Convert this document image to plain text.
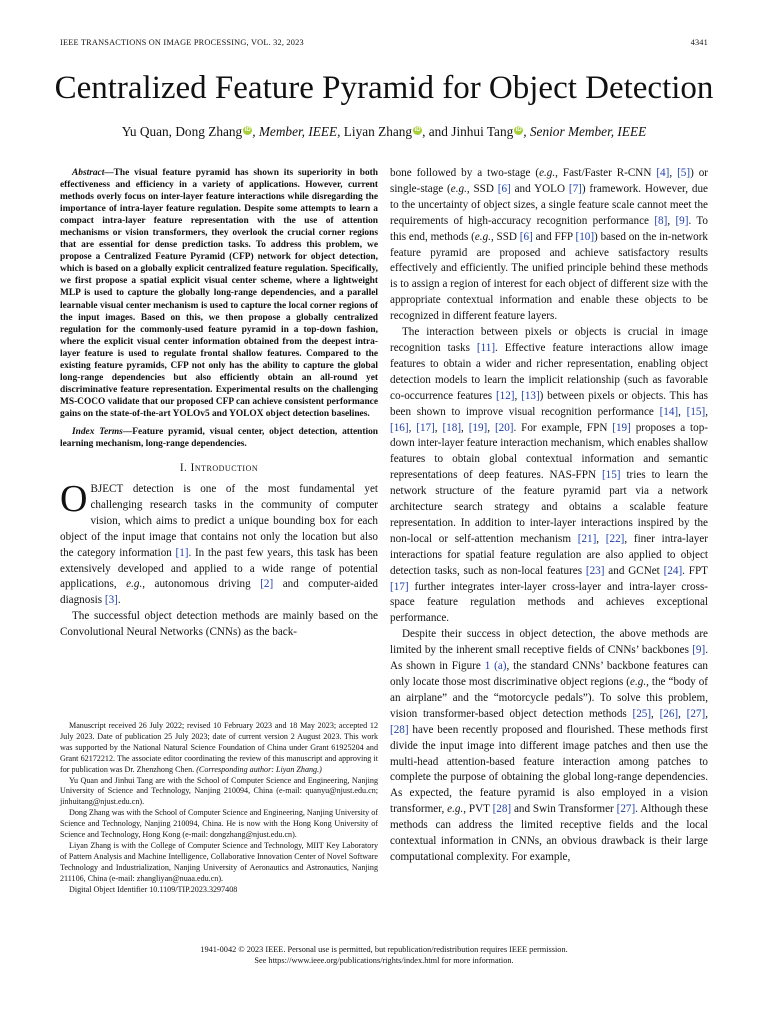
IEEE TRANSACTIONS ON IMAGE PROCESSING, VOL. 32, 2023	4341
Centralized Feature Pyramid for Object Detection
Yu Quan, Dong Zhang iD , Member, IEEE, Liyan Zhang iD , and Jinhui Tang iD , Senior Member, IEEE

Abstract—The visual feature pyramid has shown its superiority in both effectiveness and efficiency in a variety of applications. However, current methods overly focus on inter-layer feature interactions while disregarding the importance of intra-layer feature regulation. Despite some attempts to learn a compact intra-layer feature representation with the use of attention mechanisms or vision transformers, they overlook the crucial corner regions that are essential for dense prediction tasks. To address this problem, we propose a Centralized Feature Pyramid (CFP) network for object detection, which is based on a globally explicit centralized feature regulation. Specifically, we first propose a spatial explicit visual center scheme, where a lightweight MLP is used to capture the globally long-range dependencies, and a parallel learnable visual center mechanism is used to capture the local corner regions of the input images. Based on this, we then propose a globally centralized regulation for the commonly-used feature pyramid in a top-down fashion, where the explicit visual center information obtained from the deepest intra-layer feature is used to regulate frontal shallow features. Compared to the existing feature pyramids, CFP not only has the ability to capture the global long-range dependencies but also efficiently obtain an all-round yet discriminative feature representation. Experimental results on the challenging MS-COCO validate that our proposed CFP can achieve consistent performance gains on the state-of-the-art YOLOv5 and YOLOX object detection baselines.

Index Terms—Feature pyramid, visual center, object detection, attention learning mechanism, long-range dependencies.

I. Introduction

OBJECT detection is one of the most fundamental yet challenging research tasks in the community of computer vision, which aims to predict a unique bounding box for each object of the input image that contains not only the location but also the category information [1]. In the past few years, this task has been extensively developed and applied to a wide range of potential applications, e.g., autonomous driving [2] and computer-aided diagnosis [3].

The successful object detection methods are mainly based on the Convolutional Neural Networks (CNNs) as the back-

Manuscript received 26 July 2022; revised 10 February 2023 and 18 May 2023; accepted 12 July 2023. Date of publication 25 July 2023; date of current version 2 August 2023. This work was supported by the National Natural Science Foundation of China under Grant 61925204 and Grant 62172212. The associate editor coordinating the review of this manuscript and approving it for publication was Dr. Zhenzhong Chen. (Corresponding author: Liyan Zhang.)

Yu Quan and Jinhui Tang are with the School of Computer Science and Engineering, Nanjing University of Science and Technology, Nanjing 210094, China (e-mail: quanyu@njust.edu.cn; jinhuitang@njust.edu.cn).

Dong Zhang was with the School of Computer Science and Engineering, Nanjing University of Science and Technology, Nanjing 210094, China. He is now with the Hong Kong University of Science and Technology, Hong Kong (e-mail: dongzhang@njust.edu.cn).

Liyan Zhang is with the College of Computer Science and Technology, MIIT Key Laboratory of Pattern Analysis and Machine Intelligence, Collaborative Innovation Center of Novel Software Technology and Industrialization, Nanjing University of Aeronautics and Astronautics, Nanjing 211106, China (e-mail: zhangliyan@nuaa.edu.cn).

Digital Object Identifier 10.1109/TIP.2023.3297408

bone followed by a two-stage (e.g., Fast/Faster R-CNN [4], [5]) or single-stage (e.g., SSD [6] and YOLO [7]) framework. However, due to the uncertainty of object sizes, a single feature scale cannot meet the requirements of high-accuracy recognition performance [8], [9]. To this end, methods (e.g., SSD [6] and FFP [10]) based on the in-network feature pyramid are proposed and achieve satisfactory results effectively and efficiently. The unified principle behind these methods is to assign a region of interest for each object of different size with the appropriate contextual information and enable these objects to be recognized in different feature layers.

The interaction between pixels or objects is crucial in image recognition tasks [11]. Effective feature interactions allow image features to obtain a wider and richer representation, enabling object detection models to learn the implicit relationship (such as favorable co-occurrence features [12], [13]) between pixels or objects. This has been shown to improve visual recognition performance [14], [15], [16], [17], [18], [19], [20]. For example, FPN [19] proposes a top-down inter-layer feature interaction mechanism, which enables shallow features to obtain global contextual information and semantic representations of deep features. NAS-FPN [15] tries to learn the network structure of the feature pyramid part via a network architecture search strategy and obtains a scalable feature representation. In addition to inter-layer interactions inspired by the non-local or self-attention mechanism [21], [22], finer intra-layer interactions for spatial feature regulation are also applied to object detection tasks, such as non-local features [23] and GCNet [24]. FPT [17] further integrates inter-layer cross-layer and intra-layer cross-space feature regulation methods and achieves exceptional performance.

Despite their success in object detection, the above methods are limited by the inherent small receptive fields of CNNs’ backbones [9]. As shown in Figure 1 (a), the standard CNNs’ backbone features can only locate those most discriminative object regions (e.g., the “body of an airplane” and the “motorcycle pedals”). To solve this problem, vision transformer-based object detection methods [25], [26], [27], [28] have been recently proposed and flourished. These methods first divide the input image into different image patches and then use the multi-head attention-based feature interaction among patches to complete the purpose of obtaining the global long-range dependencies. As expected, the feature pyramid is also employed in a vision transformer, e.g., PVT [28] and Swin Transformer [27]. Although these methods can address the limited receptive fields and the local contextual information in CNNs, an obvious drawback is their large computational complexity. For example,

1941-0042 © 2023 IEEE. Personal use is permitted, but republication/redistribution requires IEEE permission.
See https://www.ieee.org/publications/rights/index.html for more information.
